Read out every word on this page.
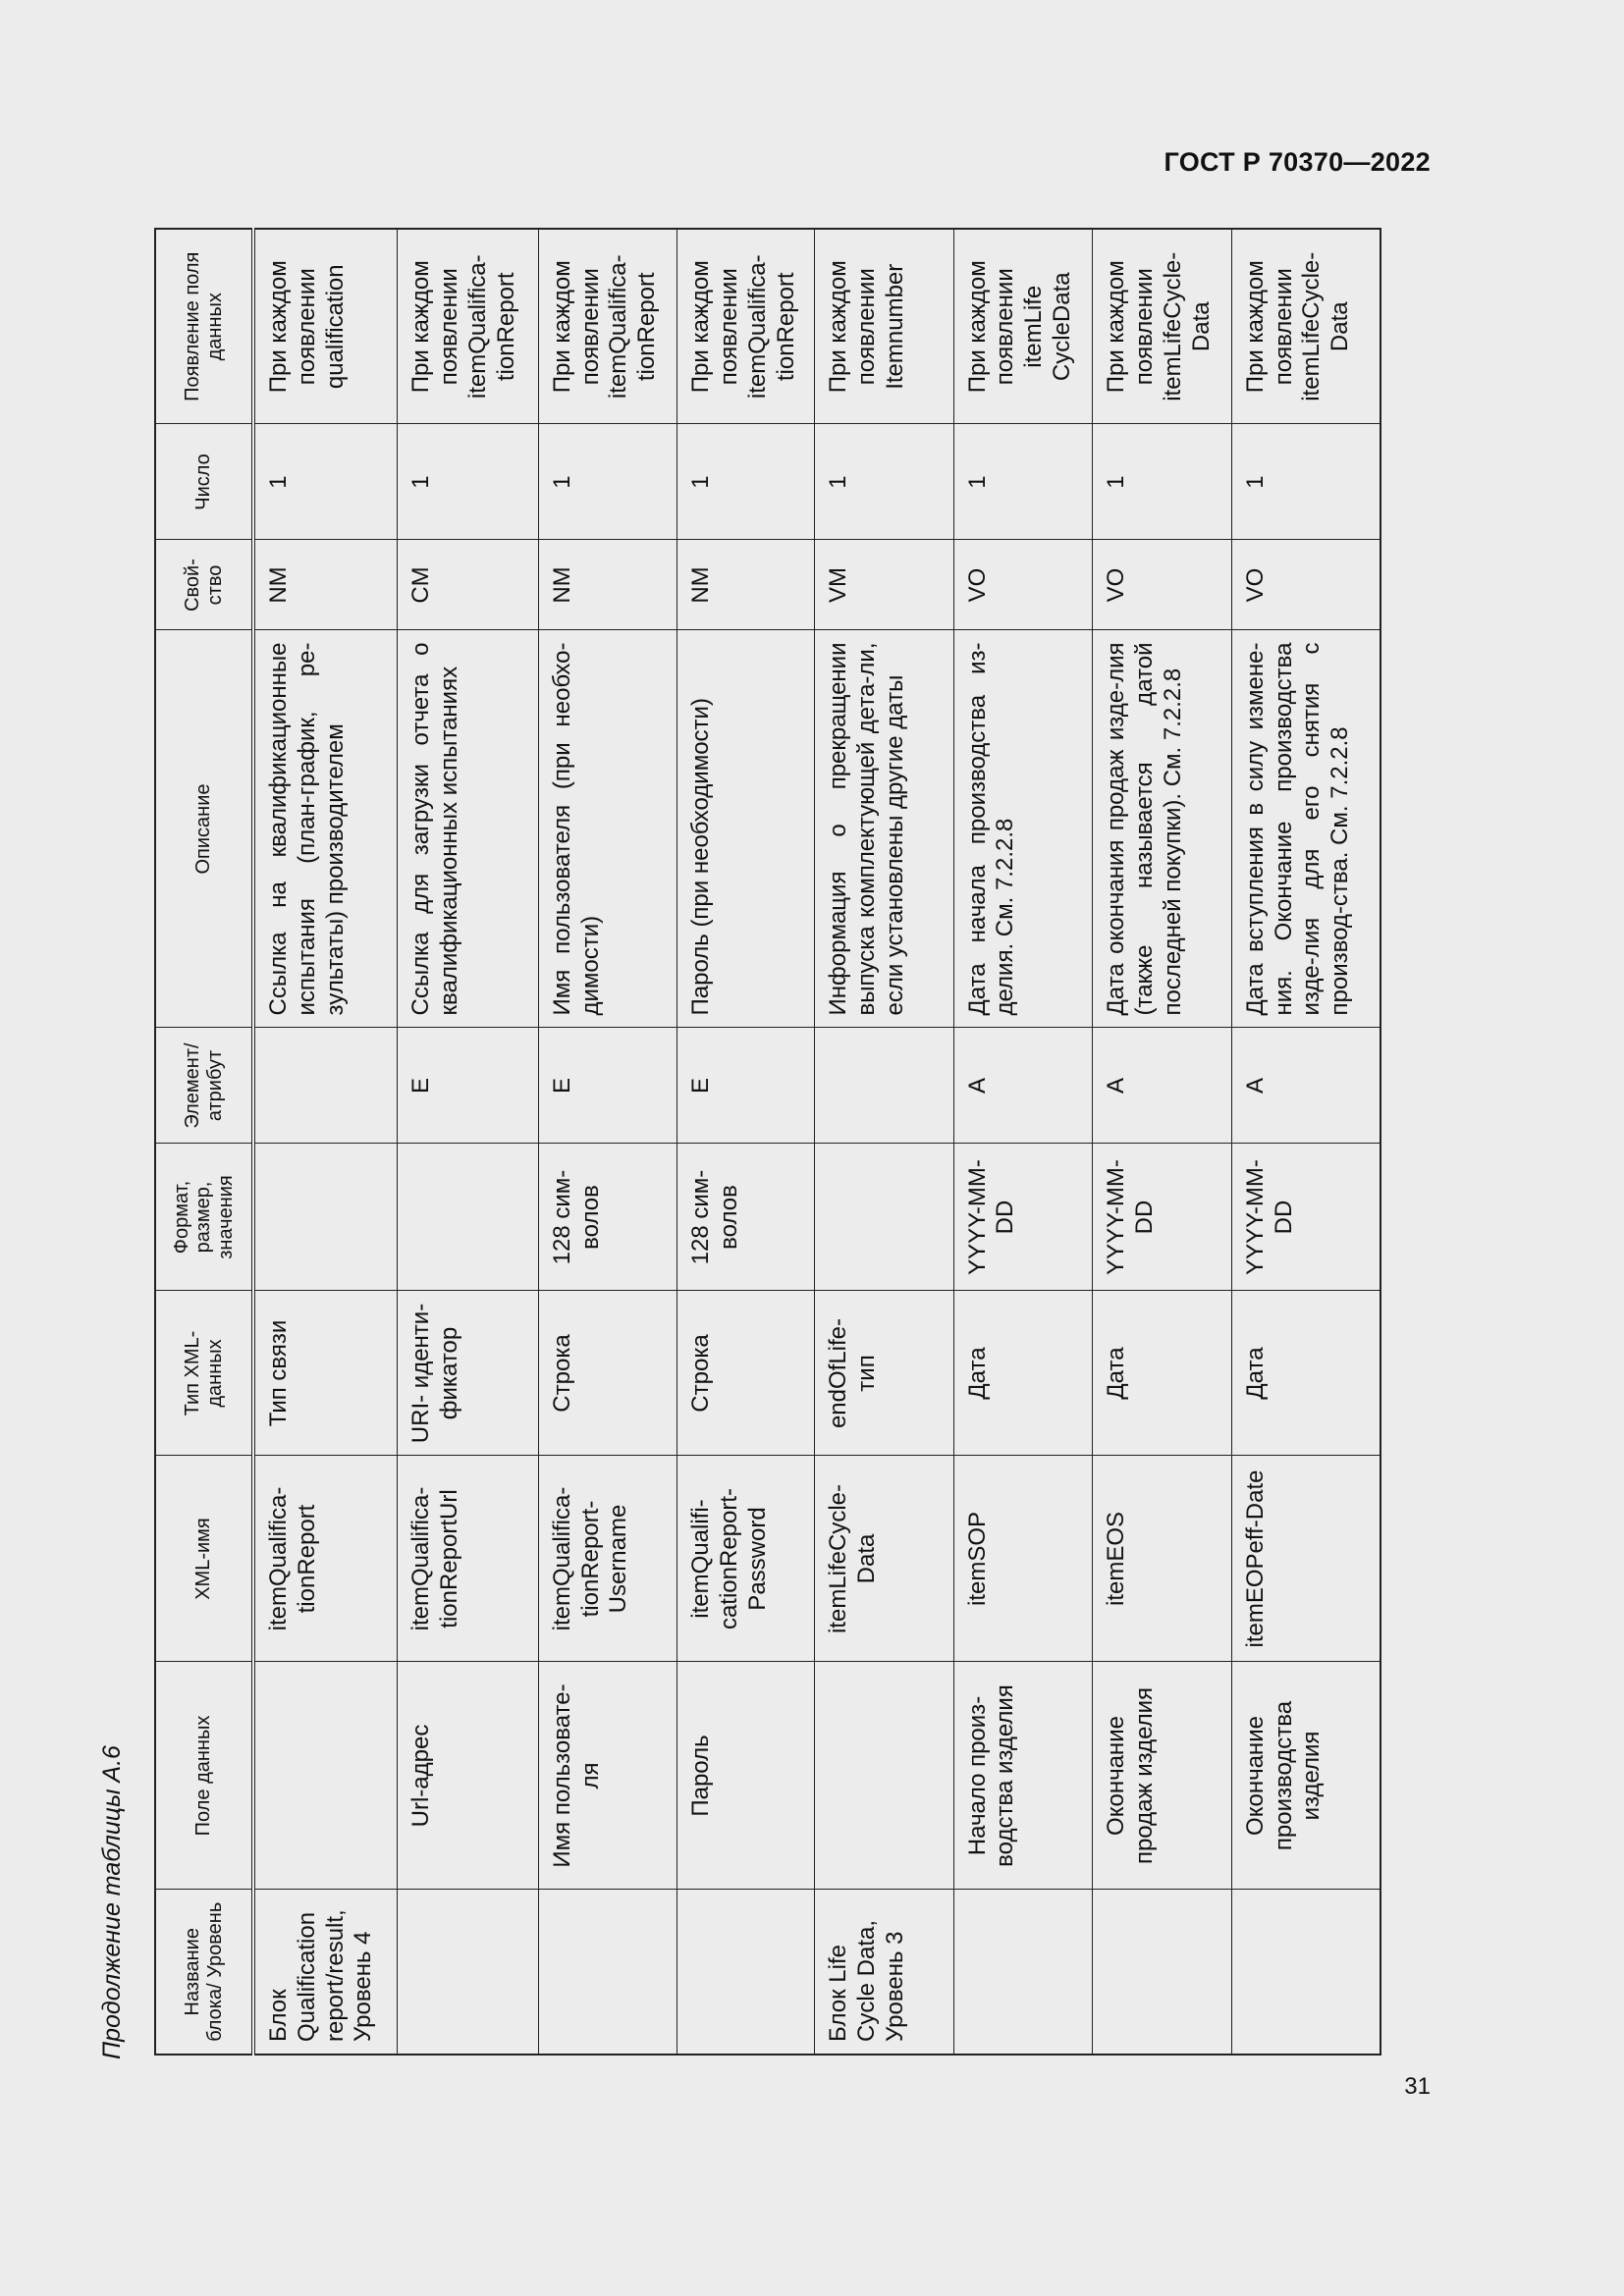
ГОСТ Р 70370—2022
Продолжение таблицы А.6	Название блока/ Уровень	Поле данных	XML-имя	Тип XML-данных	Формат, размер, значения	Элемент/ атрибут	Описание	Свой-ство	Число	Появление поля данных
Блок Qualification report/result, Уровень 4		itemQualifica-tionReport	Тип связи			Ссылка на квалификационные испытания (план-график, ре-зультаты) производителем	NM	1	При каждом появлении qualification
	Url-адрес	itemQualifica-tionReportUrl	URI- иденти-фикатор		E	Ссылка для загрузки отчета о квалификационных испытаниях	CM	1	При каждом появлении itemQualifica-tionReport
	Имя пользовате-ля	itemQualifica-tionReport-Username	Строка	128 сим-волов	E	Имя пользователя (при необхо-димости)	NM	1	При каждом появлении itemQualifica-tionReport
	Пароль	itemQualifi-cationReport-Password	Строка	128 сим-волов	E	Пароль (при необходимости)	NM	1	При каждом появлении itemQualifica-tionReport
Блок Life Cycle Data, Уровень 3		itemLifeCycle-Data	endOfLife-тип			Информация о прекращении выпуска комплектующей дета-ли, если установлены другие даты	VM	1	При каждом появлении Itemnumber
	Начало произ-водства изделия	itemSOP	Дата	YYYY-MM-DD	A	Дата начала производства из-делия. См. 7.2.2.8	VO	1	При каждом появлении itemLife CycleData
	Окончание продаж изделия	itemEOS	Дата	YYYY-MM-DD	A	Дата окончания продаж изде-лия (также называется датой последней покупки). См. 7.2.2.8	VO	1	При каждом появлении itemLifeCycle-Data
	Окончание производства изделия	itemEOPeff-Date	Дата	YYYY-MM-DD	A	Дата вступления в силу измене-ния. Окончание производства изде-лия для его снятия с производ-ства. См. 7.2.2.8	VO	1	При каждом появлении itemLifeCycle-Data
31
